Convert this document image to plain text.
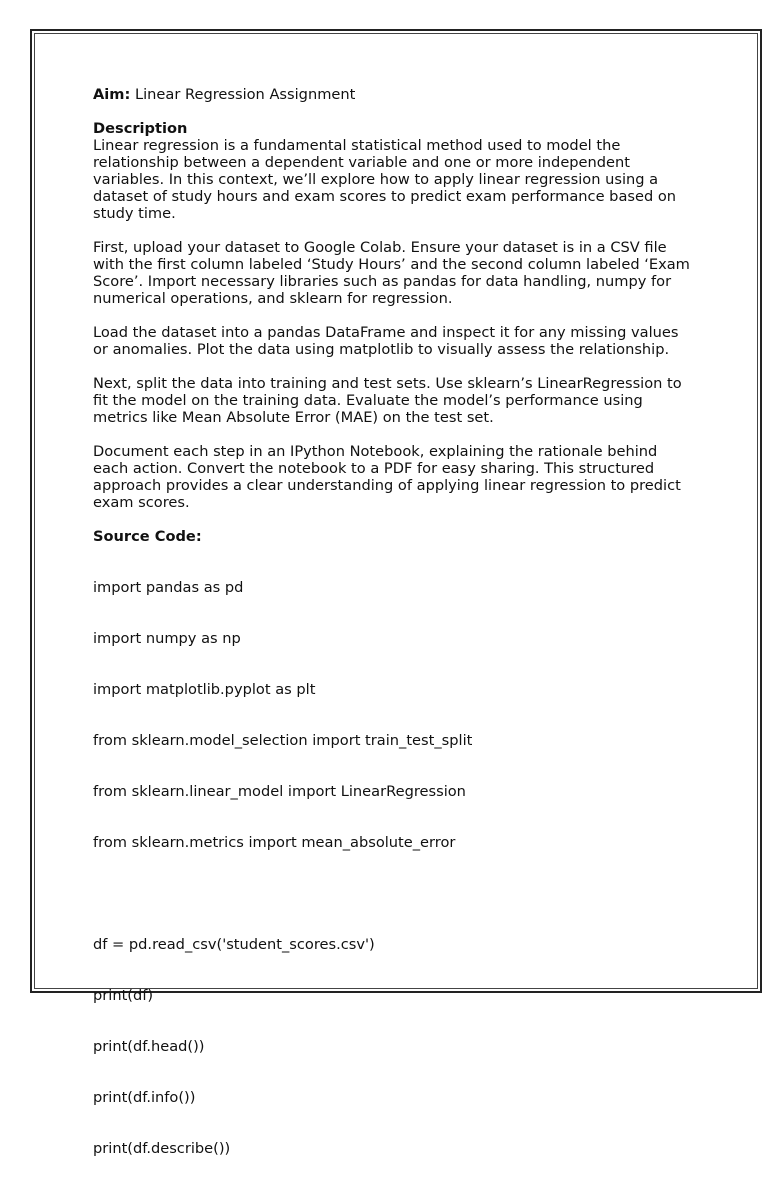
Aim: Linear Regression Assignment

Description

Linear regression is a fundamental statistical method used to model the relationship between a dependent variable and one or more independent variables. In this context, we’ll explore how to apply linear regression using a dataset of study hours and exam scores to predict exam performance based on study time.

First, upload your dataset to Google Colab. Ensure your dataset is in a CSV file with the first column labeled ‘Study Hours’ and the second column labeled ‘Exam Score’. Import necessary libraries such as pandas for data handling, numpy for numerical operations, and sklearn for regression.

Load the dataset into a pandas DataFrame and inspect it for any missing values or anomalies. Plot the data using matplotlib to visually assess the relationship.

Next, split the data into training and test sets. Use sklearn’s LinearRegression to fit the model on the training data. Evaluate the model’s performance using metrics like Mean Absolute Error (MAE) on the test set.

Document each step in an IPython Notebook, explaining the rationale behind each action. Convert the notebook to a PDF for easy sharing. This structured approach provides a clear understanding of applying linear regression to predict exam scores.

Source Code:

import pandas as pd

import numpy as np

import matplotlib.pyplot as plt

from sklearn.model_selection import train_test_split

from sklearn.linear_model import LinearRegression

from sklearn.metrics import mean_absolute_error

df = pd.read_csv('student_scores.csv')

print(df)

print(df.head())

print(df.info())

print(df.describe())
